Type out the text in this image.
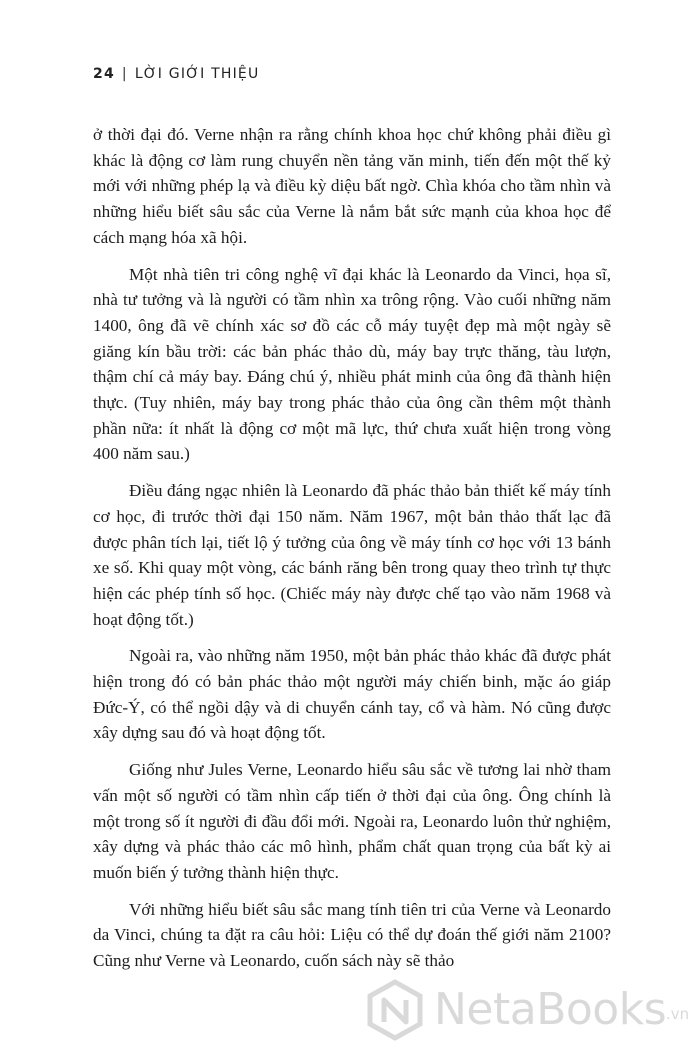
24 | LỜI GIỚI THIỆU

ở thời đại đó. Verne nhận ra rằng chính khoa học chứ không phải điều gì khác là động cơ làm rung chuyển nền tảng văn minh, tiến đến một thế kỷ mới với những phép lạ và điều kỳ diệu bất ngờ. Chìa khóa cho tầm nhìn và những hiểu biết sâu sắc của Verne là nắm bắt sức mạnh của khoa học để cách mạng hóa xã hội.

Một nhà tiên tri công nghệ vĩ đại khác là Leonardo da Vinci, họa sĩ, nhà tư tưởng và là người có tầm nhìn xa trông rộng. Vào cuối những năm 1400, ông đã vẽ chính xác sơ đồ các cỗ máy tuyệt đẹp mà một ngày sẽ giăng kín bầu trời: các bản phác thảo dù, máy bay trực thăng, tàu lượn, thậm chí cả máy bay. Đáng chú ý, nhiều phát minh của ông đã thành hiện thực. (Tuy nhiên, máy bay trong phác thảo của ông cần thêm một thành phần nữa: ít nhất là động cơ một mã lực, thứ chưa xuất hiện trong vòng 400 năm sau.)

Điều đáng ngạc nhiên là Leonardo đã phác thảo bản thiết kế máy tính cơ học, đi trước thời đại 150 năm. Năm 1967, một bản thảo thất lạc đã được phân tích lại, tiết lộ ý tưởng của ông về máy tính cơ học với 13 bánh xe số. Khi quay một vòng, các bánh răng bên trong quay theo trình tự thực hiện các phép tính số học. (Chiếc máy này được chế tạo vào năm 1968 và hoạt động tốt.)

Ngoài ra, vào những năm 1950, một bản phác thảo khác đã được phát hiện trong đó có bản phác thảo một người máy chiến binh, mặc áo giáp Đức-Ý, có thể ngồi dậy và di chuyển cánh tay, cổ và hàm. Nó cũng được xây dựng sau đó và hoạt động tốt.

Giống như Jules Verne, Leonardo hiểu sâu sắc về tương lai nhờ tham vấn một số người có tầm nhìn cấp tiến ở thời đại của ông. Ông chính là một trong số ít người đi đầu đổi mới. Ngoài ra, Leonardo luôn thử nghiệm, xây dựng và phác thảo các mô hình, phẩm chất quan trọng của bất kỳ ai muốn biến ý tưởng thành hiện thực.

Với những hiểu biết sâu sắc mang tính tiên tri của Verne và Leonardo da Vinci, chúng ta đặt ra câu hỏi: Liệu có thể dự đoán thế giới năm 2100? Cũng như Verne và Leonardo, cuốn sách này sẽ thảo

NetaBooks .vn
